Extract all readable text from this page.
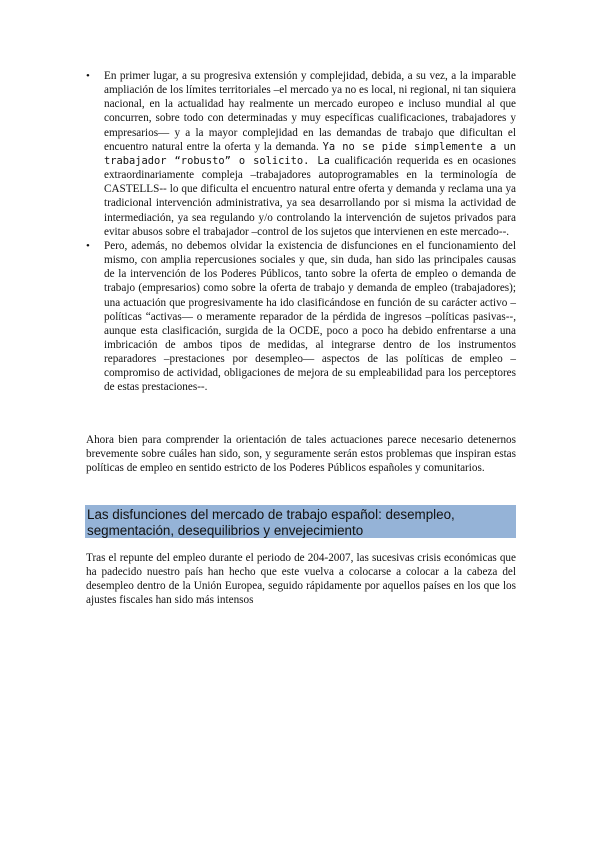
• En primer lugar, a su progresiva extensión y complejidad, debida, a su vez, a la imparable ampliación de los límites territoriales –el mercado ya no es local, ni regional, ni tan siquiera nacional, en la actualidad hay realmente un mercado europeo e incluso mundial al que concurren, sobre todo con determinadas y muy específicas cualificaciones, trabajadores y empresarios— y a la mayor complejidad en las demandas de trabajo que dificultan el encuentro natural entre la oferta y la demanda. Ya no se pide simplemente a un trabajador “robusto” o solicito. La cualificación requerida es en ocasiones extraordinariamente compleja –trabajadores autoprogramables en la terminología de CASTELLS-- lo que dificulta el encuentro natural entre oferta y demanda y reclama una ya tradicional intervención administrativa, ya sea desarrollando por si misma la actividad de intermediación, ya sea regulando y/o controlando la intervención de sujetos privados para evitar abusos sobre el trabajador –control de los sujetos que intervienen en este mercado--.
• Pero, además, no debemos olvidar la existencia de disfunciones en el funcionamiento del mismo, con amplia repercusiones sociales y que, sin duda, han sido las principales causas de la intervención de los Poderes Públicos, tanto sobre la oferta de empleo o demanda de trabajo (empresarios) como sobre la oferta de trabajo y demanda de empleo (trabajadores); una actuación que progresivamente ha ido clasificándose en función de su carácter activo –políticas “activas— o meramente reparador de la pérdida de ingresos –políticas pasivas--, aunque esta clasificación, surgida de la OCDE, poco a poco ha debido enfrentarse a una imbricación de ambos tipos de medidas, al integrarse dentro de los instrumentos reparadores –prestaciones por desempleo— aspectos de las políticas de empleo –compromiso de actividad, obligaciones de mejora de su empleabilidad para los perceptores de estas prestaciones--.

Ahora bien para comprender la orientación de tales actuaciones parece necesario detenernos brevemente sobre cuáles han sido, son, y seguramente serán estos problemas que inspiran estas políticas de empleo en sentido estricto de los Poderes Públicos españoles y comunitarios.

Las disfunciones del mercado de trabajo español: desempleo, segmentación, desequilibrios y envejecimiento

Tras el repunte del empleo durante el periodo de 204-2007, las sucesivas crisis económicas que ha padecido nuestro país han hecho que este vuelva a colocarse a colocar a la cabeza del desempleo dentro de la Unión Europea, seguido rápidamente por aquellos países en los que los ajustes fiscales han sido más intensos
